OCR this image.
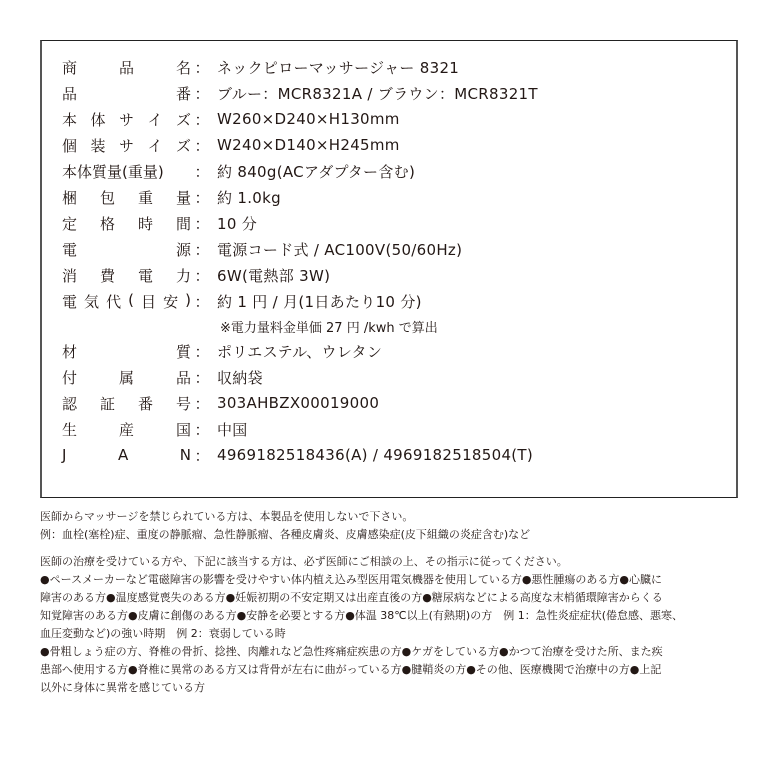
商	品	名 ： ネックピローマッサージャー 8321
品	番 ： ブルー：MCR8321A / ブラウン：MCR8321T
本 体 サ イ ズ ： W260×D240×H130mm
個 装 サ イ ズ ： W240×D140×H245mm
本体質量(重量) ： 約 840g(ACアダプター含む)
梱 包 重 量 ： 約 1.0kg
定 格 時 間 ： 10 分
電	源 ： 電源コード式 / AC100V(50/60Hz)
消 費 電 力 ： 6W(電熱部 3W)
電 気 代 ( 目 安 ) ： 約 1 円 / 月(1日あたり10 分)
材	質 ： ポリエステル、ウレタン
付	属	品 ： 収納袋
認 証 番 号 ： 303AHBZX00019000
生	産	国 ： 中国
J	A	N ： 4969182518436(A) / 4969182518504(T)
※電力量料金単価 27 円 /kwh で算出

医師からマッサージを禁じられている方は、本製品を使用しないで下さい。

例：血栓(塞栓)症、重度の静脈瘤、急性静脈瘤、各種皮膚炎、皮膚感染症(皮下組織の炎症含む)など

医師の治療を受けている方や、下記に該当する方は、必ず医師にご相談の上、その指示に従ってください。

●ペースメーカーなど電磁障害の影響を受けやすい体内植え込み型医用電気機器を使用している方●悪性腫瘍のある方●心臓に

障害のある方●温度感覚喪失のある方●妊娠初期の不安定期又は出産直後の方●糖尿病などによる高度な末梢循環障害からくる

知覚障害のある方●皮膚に創傷のある方●安静を必要とする方●体温 38℃以上(有熱期)の方　例 1：急性炎症症状(倦怠感、悪寒、

血圧変動など)の強い時期　例 2：衰弱している時

●骨粗しょう症の方、脊椎の骨折、捻挫、肉離れなど急性疼痛症疾患の方●ケガをしている方●かつて治療を受けた所、また疾

患部へ使用する方●脊椎に異常のある方又は背骨が左右に曲がっている方●腱鞘炎の方●その他、医療機関で治療中の方●上記

以外に身体に異常を感じている方
